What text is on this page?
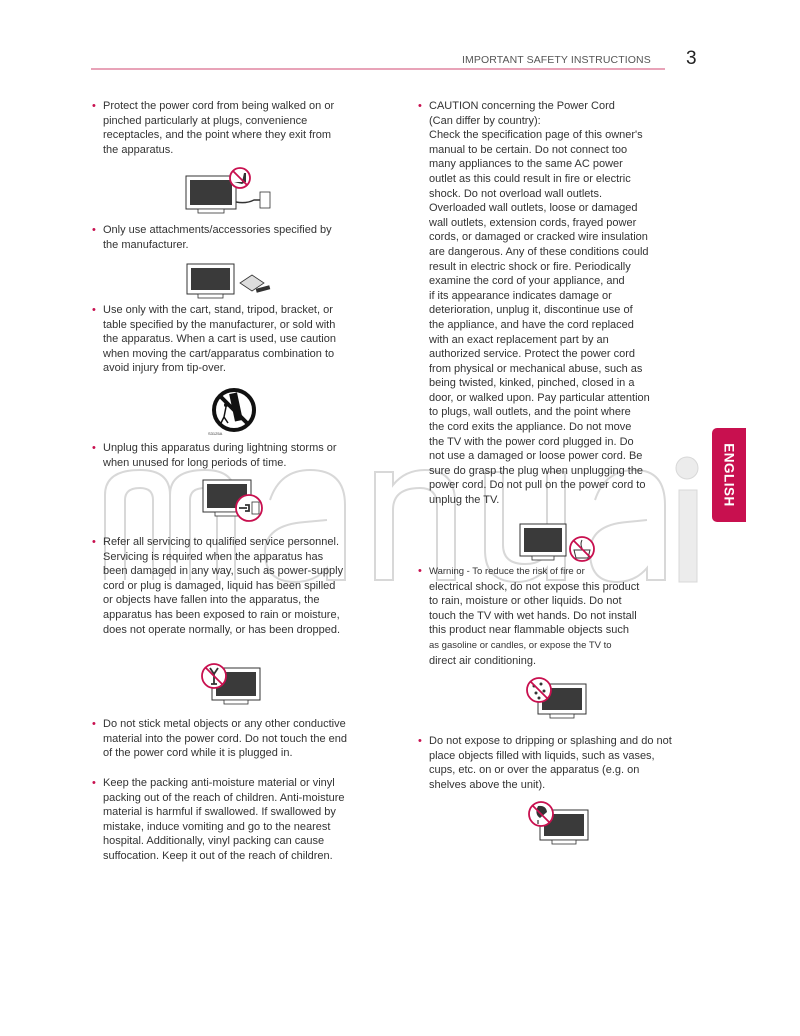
IMPORTANT SAFETY INSTRUCTIONS 3
ENGLISH
• Protect the power cord from being walked on or pinched particularly at plugs, convenience receptacles, and the point where they exit from the apparatus.

• Only use attachments/accessories specified by the manufacturer.

• Use only with the cart, stand, tripod, bracket, or table specified by the manufacturer, or sold with the apparatus. When a cart is used, use caution when moving the cart/apparatus combination to avoid injury from tip-over.

S3125A
• Unplug this apparatus during lightning storms or when unused for long periods of time.

• Refer all servicing to qualified service personnel. Servicing is required when the apparatus has been damaged in any way, such as power-supply cord or plug is damaged, liquid has been spilled or objects have fallen into the apparatus, the apparatus has been exposed to rain or moisture, does not operate normally, or has been dropped.

• Do not stick metal objects or any other conductive material into the power cord. Do not touch the end of the power cord while it is plugged in.

• Keep the packing anti-moisture material or vinyl packing out of the reach of children. Anti-moisture material is harmful if swallowed. If swallowed by mistake, induce vomiting and go to the nearest hospital. Additionally, vinyl packing can cause suffocation. Keep it out of the reach of children.

• CAUTION concerning the Power Cord
(Can differ by country):
Check the specification page of this owner's
manual to be certain. Do not connect too
many appliances to the same AC power
outlet as this could result in fire or electric
shock. Do not overload wall outlets.
Overloaded wall outlets, loose or damaged
wall outlets, extension cords, frayed power
cords, or damaged or cracked wire insulation
are dangerous. Any of these conditions could
result in electric shock or fire. Periodically
examine the cord of your appliance, and
if its appearance indicates damage or
deterioration, unplug it, discontinue use of
the appliance, and have the cord replaced
with an exact replacement part by an
authorized service. Protect the power cord
from physical or mechanical abuse, such as
being twisted, kinked, pinched, closed in a
door, or walked upon. Pay particular attention
to plugs, wall outlets, and the point where
the cord exits the appliance. Do not move
the TV with the power cord plugged in. Do
not use a damaged or loose power cord. Be
sure do grasp the plug when unplugging the
power cord. Do not pull on the power cord to
unplug the TV.

• Warning - To reduce the risk of fire or
electrical shock, do not expose this product
to rain, moisture or other liquids. Do not
touch the TV with wet hands. Do not install
this product near flammable objects such
as gasoline or candles, or expose the TV to
direct air conditioning.

• Do not expose to dripping or splashing and do not place objects filled with liquids, such as vases, cups, etc. on or over the apparatus (e.g. on shelves above the unit).
